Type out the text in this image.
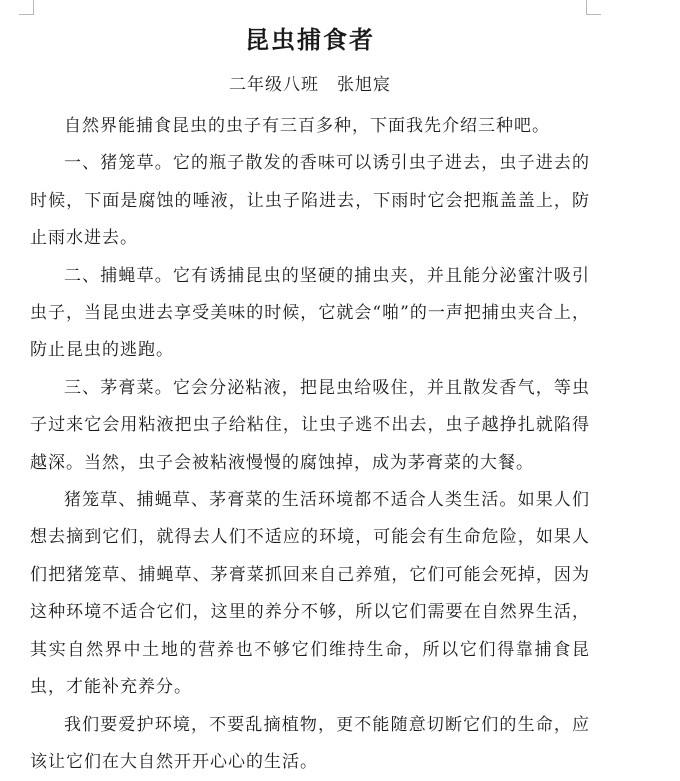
昆虫捕食者

二年级八班　张旭宸

自然界能捕食昆虫的虫子有三百多种，下面我先介绍三种吧。

一、猪笼草。它的瓶子散发的香味可以诱引虫子进去，虫子进去的时候，下面是腐蚀的唾液，让虫子陷进去，下雨时它会把瓶盖盖上，防止雨水进去。

二、捕蝇草。它有诱捕昆虫的坚硬的捕虫夹，并且能分泌蜜汁吸引虫子，当昆虫进去享受美味的时候，它就会“啪”的一声把捕虫夹合上，防止昆虫的逃跑。

三、茅膏菜。它会分泌粘液，把昆虫给吸住，并且散发香气，等虫子过来它会用粘液把虫子给粘住，让虫子逃不出去，虫子越挣扎就陷得越深。当然，虫子会被粘液慢慢的腐蚀掉，成为茅膏菜的大餐。

猪笼草、捕蝇草、茅膏菜的生活环境都不适合人类生活。如果人们想去摘到它们，就得去人们不适应的环境，可能会有生命危险，如果人们把猪笼草、捕蝇草、茅膏菜抓回来自己养殖，它们可能会死掉，因为这种环境不适合它们，这里的养分不够，所以它们需要在自然界生活，其实自然界中土地的营养也不够它们维持生命，所以它们得靠捕食昆虫，才能补充养分。

我们要爱护环境，不要乱摘植物，更不能随意切断它们的生命，应该让它们在大自然开开心心的生活。
